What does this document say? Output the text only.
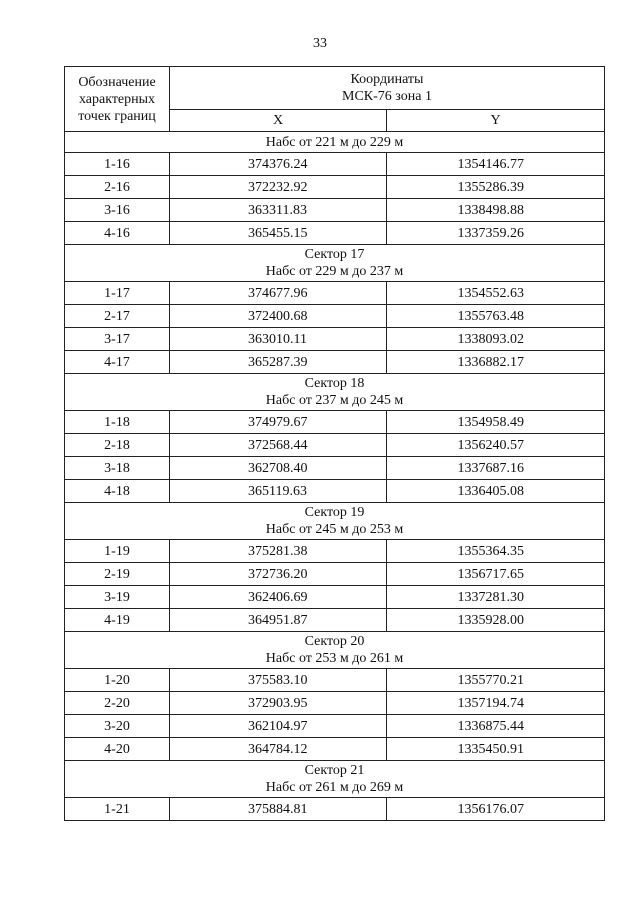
33
Обозначение
характерных
точек границ	Координаты
МСК-76 зона 1	

	X	Y

Набс от 221 м до 229 м		

1-16	374376.24	1354146.77
2-16	372232.92	1355286.39
3-16	363311.83	1338498.88
4-16	365455.15	1337359.26

Сектор 17
Набс от 229 м до 237 м		

1-17	374677.96	1354552.63
2-17	372400.68	1355763.48
3-17	363010.11	1338093.02
4-17	365287.39	1336882.17

Сектор 18
Набс от 237 м до 245 м		

1-18	374979.67	1354958.49
2-18	372568.44	1356240.57
3-18	362708.40	1337687.16
4-18	365119.63	1336405.08

Сектор 19
Набс от 245 м до 253 м		

1-19	375281.38	1355364.35
2-19	372736.20	1356717.65
3-19	362406.69	1337281.30
4-19	364951.87	1335928.00

Сектор 20
Набс от 253 м до 261 м		

1-20	375583.10	1355770.21
2-20	372903.95	1357194.74
3-20	362104.97	1336875.44
4-20	364784.12	1335450.91

Сектор 21
Набс от 261 м до 269 м		

1-21	375884.81	1356176.07
